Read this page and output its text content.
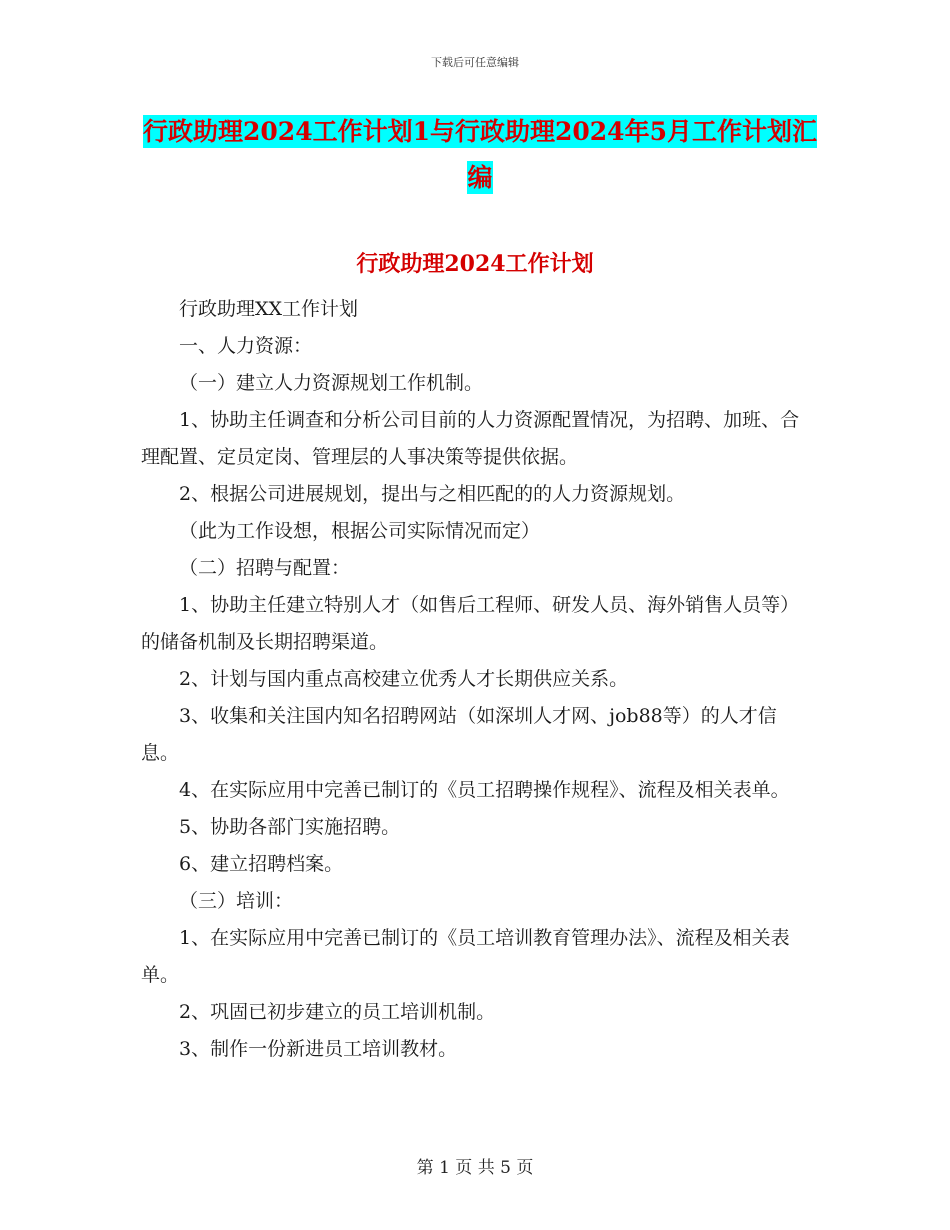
下载后可任意编辑
行政助理2024工作计划1与行政助理2024年5月工作计划汇编
行政助理2024工作计划

行政助理XX工作计划

一、人力资源：

（一）建立人力资源规划工作机制。

1、协助主任调查和分析公司目前的人力资源配置情况，为招聘、加班、合理配置、定员定岗、管理层的人事决策等提供依据。

2、根据公司进展规划，提出与之相匹配的的人力资源规划。

（此为工作设想，根据公司实际情况而定）

（二）招聘与配置：

1、协助主任建立特别人才（如售后工程师、研发人员、海外销售人员等）的储备机制及长期招聘渠道。

2、计划与国内重点高校建立优秀人才长期供应关系。

3、收集和关注国内知名招聘网站（如深圳人才网、job88等）的人才信息。

4、在实际应用中完善已制订的《员工招聘操作规程》、流程及相关表单。

5、协助各部门实施招聘。

6、建立招聘档案。

（三）培训：

1、在实际应用中完善已制订的《员工培训教育管理办法》、流程及相关表单。

2、巩固已初步建立的员工培训机制。

3、制作一份新进员工培训教材。

第 1 页 共 5 页
